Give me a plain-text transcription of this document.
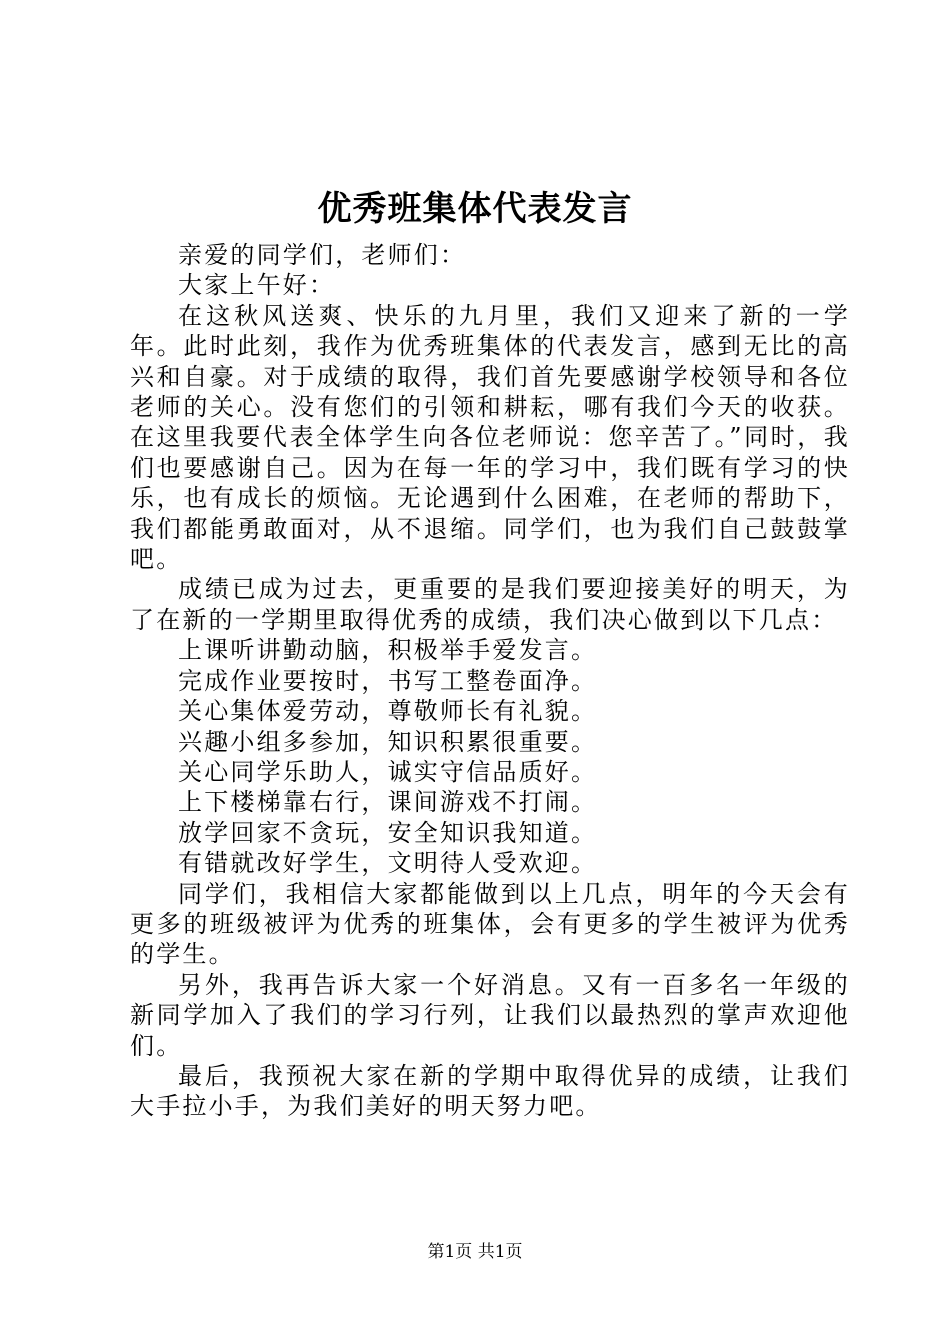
优秀班集体代表发言

亲爱的同学们，老师们：

大家上午好：

在这秋风送爽、快乐的九月里，我们又迎来了新的一学年。此时此刻，我作为优秀班集体的代表发言，感到无比的高兴和自豪。对于成绩的取得，我们首先要感谢学校领导和各位老师的关心。没有您们的引领和耕耘，哪有我们今天的收获。在这里我要代表全体学生向各位老师说：您辛苦了。”同时，我们也要感谢自己。因为在每一年的学习中，我们既有学习的快乐，也有成长的烦恼。无论遇到什么困难，在老师的帮助下，我们都能勇敢面对，从不退缩。同学们，也为我们自己鼓鼓掌吧。

成绩已成为过去，更重要的是我们要迎接美好的明天，为了在新的一学期里取得优秀的成绩，我们决心做到以下几点：

上课听讲勤动脑，积极举手爱发言。

完成作业要按时，书写工整卷面净。

关心集体爱劳动，尊敬师长有礼貌。

兴趣小组多参加，知识积累很重要。

关心同学乐助人，诚实守信品质好。

上下楼梯靠右行，课间游戏不打闹。

放学回家不贪玩，安全知识我知道。

有错就改好学生，文明待人受欢迎。

同学们，我相信大家都能做到以上几点，明年的今天会有更多的班级被评为优秀的班集体，会有更多的学生被评为优秀的学生。

另外，我再告诉大家一个好消息。又有一百多名一年级的新同学加入了我们的学习行列，让我们以最热烈的掌声欢迎他们。

最后，我预祝大家在新的学期中取得优异的成绩，让我们大手拉小手，为我们美好的明天努力吧。

第1页 共1页
